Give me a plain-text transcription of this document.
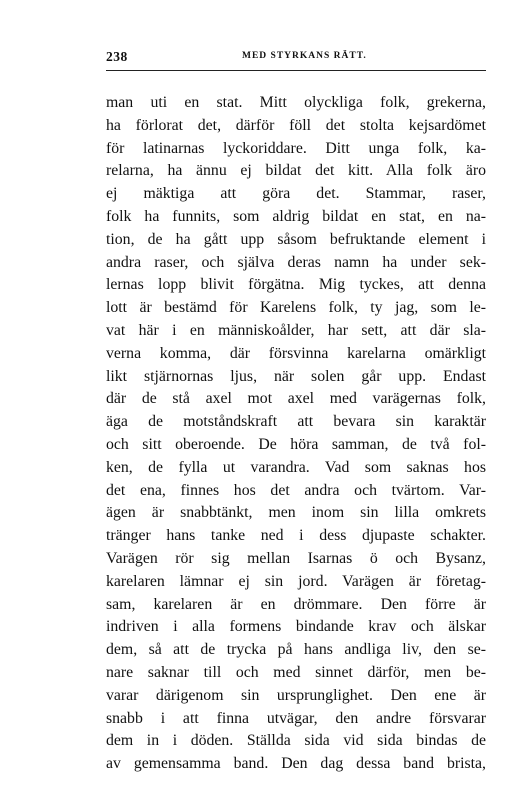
238	MED STYRKANS RÄTT.
man uti en stat. Mitt olyckliga folk, grekerna,
ha förlorat det, därför föll det stolta kejsardömet
för latinarnas lyckoriddare. Ditt unga folk, ka-
relarna, ha ännu ej bildat det kitt. Alla folk äro
ej mäktiga att göra det. Stammar, raser,
folk ha funnits, som aldrig bildat en stat, en na-
tion, de ha gått upp såsom befruktande element i
andra raser, och själva deras namn ha under sek-
lernas lopp blivit förgätna. Mig tyckes, att denna
lott är bestämd för Karelens folk, ty jag, som le-
vat här i en människoålder, har sett, att där sla-
verna komma, där försvinna karelarna omärkligt
likt stjärnornas ljus, när solen går upp. Endast
där de stå axel mot axel med varägernas folk,
äga de motståndskraft att bevara sin karaktär
och sitt oberoende. De höra samman, de två fol-
ken, de fylla ut varandra. Vad som saknas hos
det ena, finnes hos det andra och tvärtom. Var-
ägen är snabbtänkt, men inom sin lilla omkrets
tränger hans tanke ned i dess djupaste schakter.
Varägen rör sig mellan Isarnas ö och Bysanz,
karelaren lämnar ej sin jord. Varägen är företag-
sam, karelaren är en drömmare. Den förre är
indriven i alla formens bindande krav och älskar
dem, så att de trycka på hans andliga liv, den se-
nare saknar till och med sinnet därför, men be-
varar därigenom sin ursprunglighet. Den ene är
snabb i att finna utvägar, den andre försvarar
dem in i döden. Ställda sida vid sida bindas de
av gemensamma band. Den dag dessa band brista,
